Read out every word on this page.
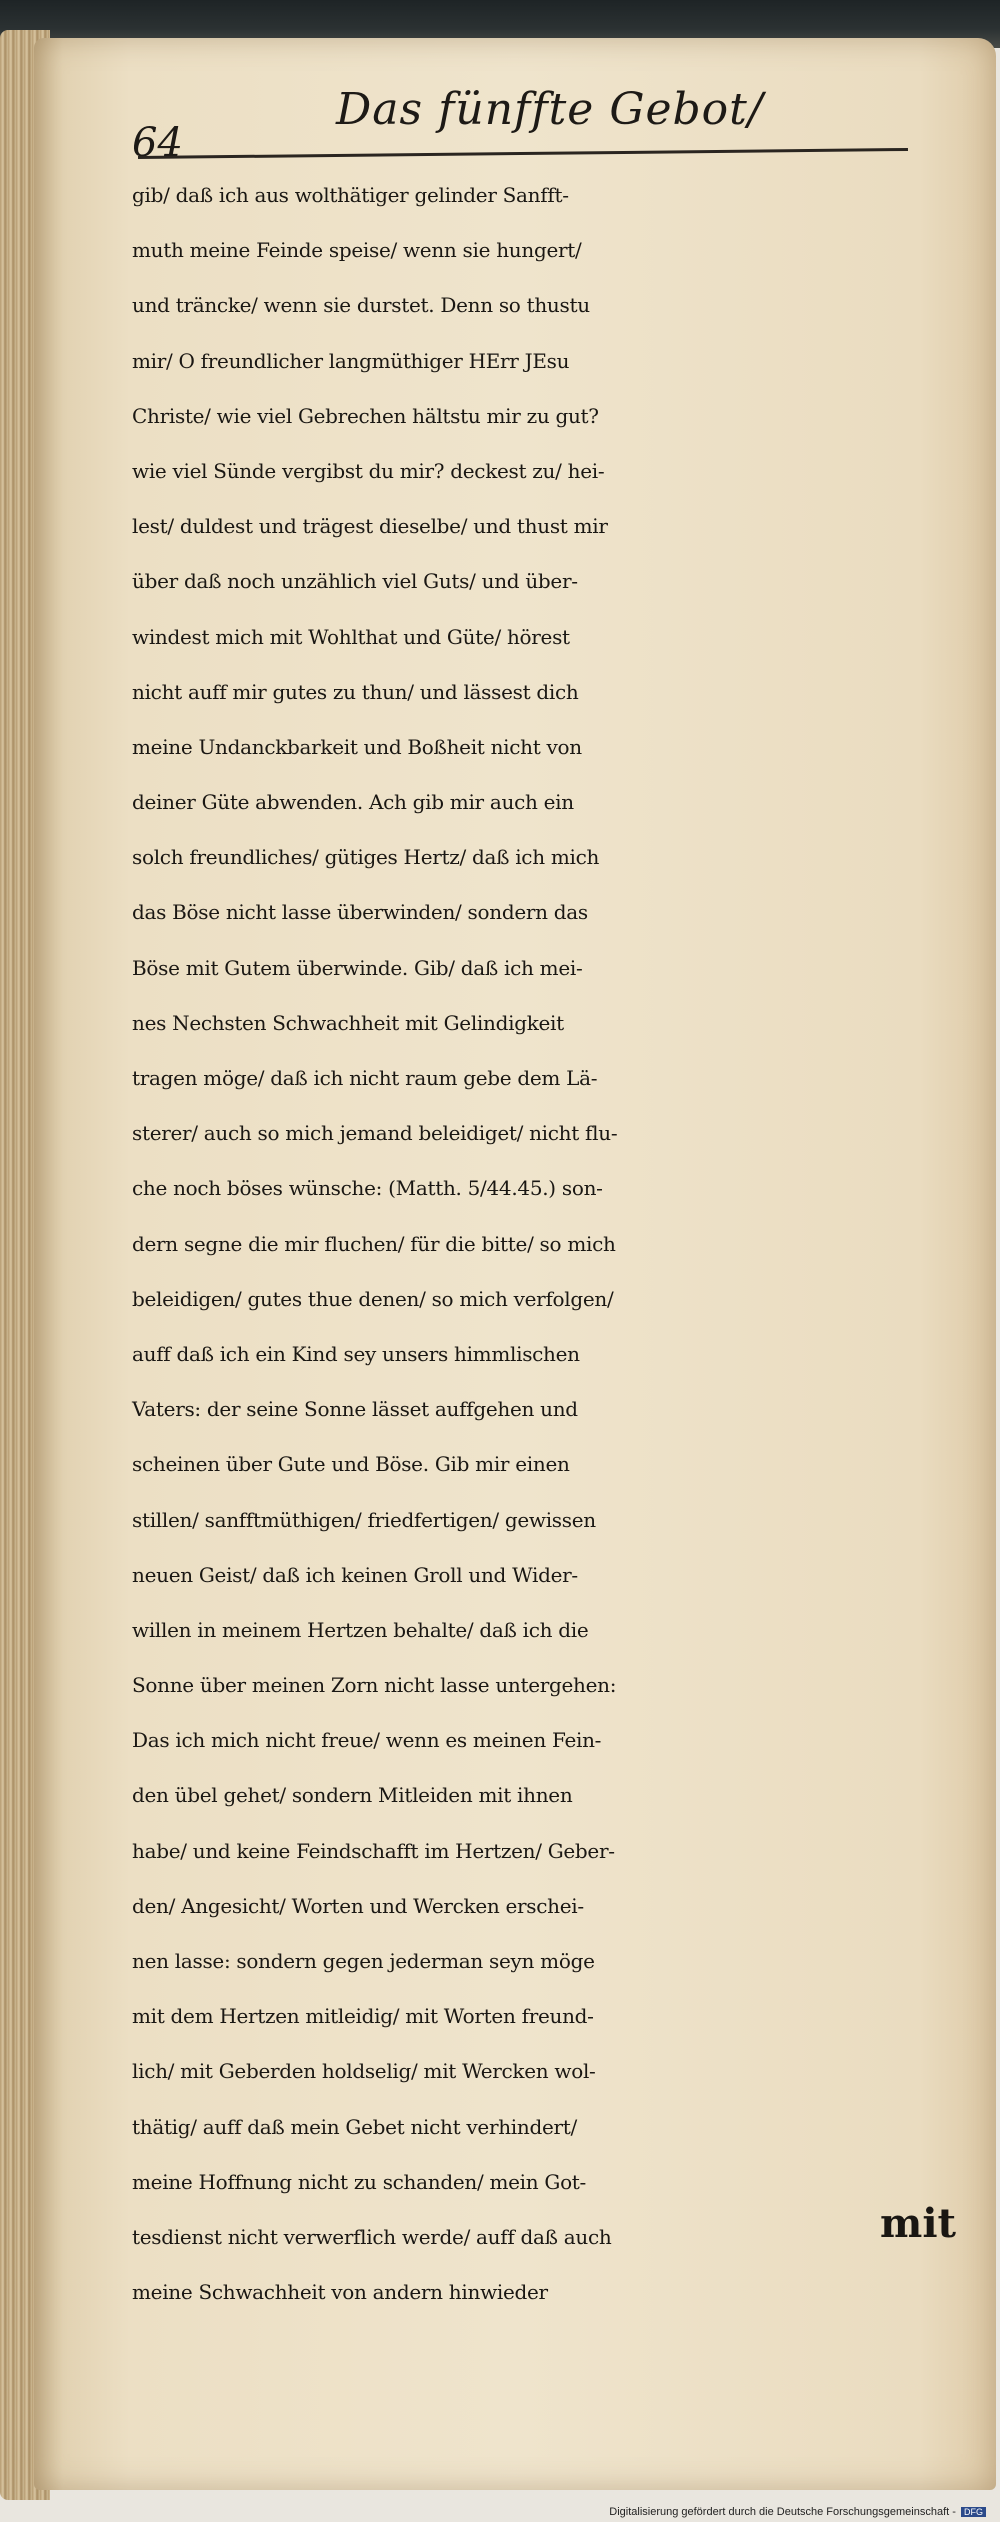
64
Das fünffte Gebot/
gib/ daß ich aus wolthätiger gelinder Sanfft-
muth meine Feinde speise/ wenn sie hungert/
und träncke/ wenn sie durstet. Denn so thustu
mir/ O freundlicher langmüthiger HErr JEsu
Christe/ wie viel Gebrechen hältstu mir zu gut?
wie viel Sünde vergibst du mir? deckest zu/ hei-
lest/ duldest und trägest dieselbe/ und thust mir
über daß noch unzählich viel Guts/ und über-
windest mich mit Wohlthat und Güte/ hörest
nicht auff mir gutes zu thun/ und lässest dich
meine Undanckbarkeit und Boßheit nicht von
deiner Güte abwenden. Ach gib mir auch ein
solch freundliches/ gütiges Hertz/ daß ich mich
das Böse nicht lasse überwinden/ sondern das
Böse mit Gutem überwinde. Gib/ daß ich mei-
nes Nechsten Schwachheit mit Gelindigkeit
tragen möge/ daß ich nicht raum gebe dem Lä-
sterer/ auch so mich jemand beleidiget/ nicht flu-
che noch böses wünsche: (Matth. 5/44.45.) son-
dern segne die mir fluchen/ für die bitte/ so mich
beleidigen/ gutes thue denen/ so mich verfolgen/
auff daß ich ein Kind sey unsers himmlischen
Vaters: der seine Sonne lässet auffgehen und
scheinen über Gute und Böse. Gib mir einen
stillen/ sanfftmüthigen/ friedfertigen/ gewissen
neuen Geist/ daß ich keinen Groll und Wider-
willen in meinem Hertzen behalte/ daß ich die
Sonne über meinen Zorn nicht lasse untergehen:
Das ich mich nicht freue/ wenn es meinen Fein-
den übel gehet/ sondern Mitleiden mit ihnen
habe/ und keine Feindschafft im Hertzen/ Geber-
den/ Angesicht/ Worten und Wercken erschei-
nen lasse: sondern gegen jederman seyn möge
mit dem Hertzen mitleidig/ mit Worten freund-
lich/ mit Geberden holdselig/ mit Wercken wol-
thätig/ auff daß mein Gebet nicht verhindert/
meine Hoffnung nicht zu schanden/ mein Got-
tesdienst nicht verwerflich werde/ auff daß auch
meine Schwachheit von andern hinwieder
mit
Digitalisierung gefördert durch die Deutsche Forschungsgemeinschaft - DFG
